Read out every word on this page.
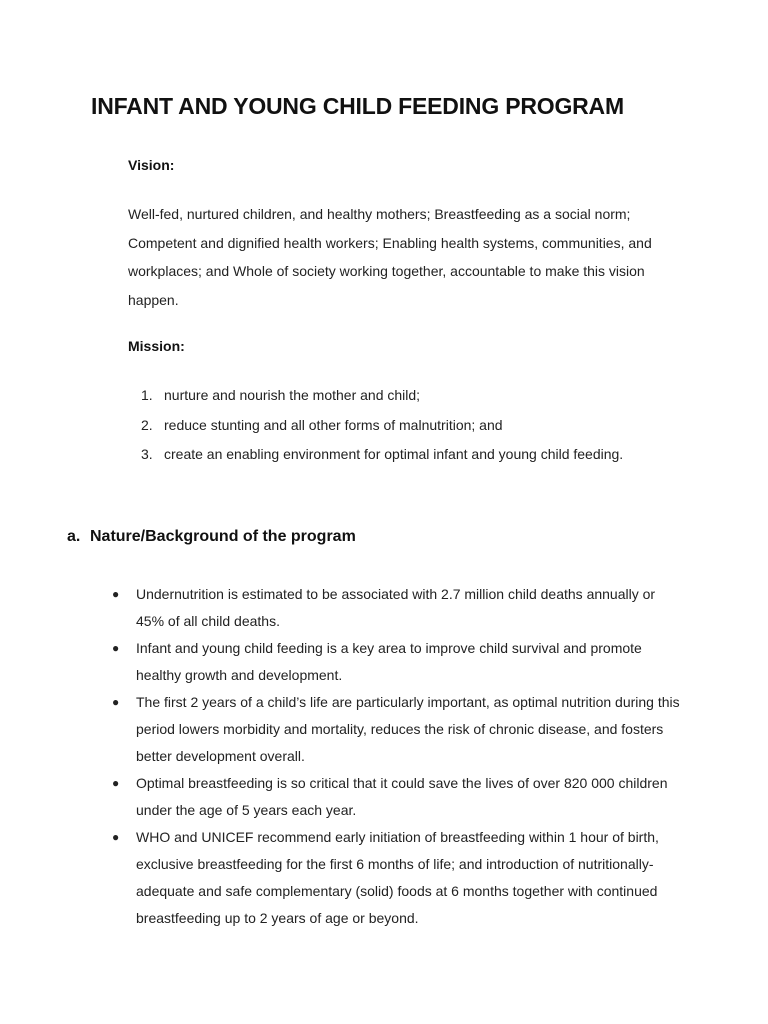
INFANT AND YOUNG CHILD FEEDING PROGRAM

Vision:

Well-fed, nurtured children, and healthy mothers; Breastfeeding as a social norm; Competent and dignified health workers; Enabling health systems, communities, and workplaces; and Whole of society working together, accountable to make this vision happen.

Mission:

1. nurture and nourish the mother and child;
2. reduce stunting and all other forms of malnutrition; and
3. create an enabling environment for optimal infant and young child feeding.
a. Nature/Background of the program
●	Undernutrition is estimated to be associated with 2.7 million child deaths annually or 45% of all child deaths.
●	Infant and young child feeding is a key area to improve child survival and promote healthy growth and development.
●	The first 2 years of a child’s life are particularly important, as optimal nutrition during this period lowers morbidity and mortality, reduces the risk of chronic disease, and fosters better development overall.
●	Optimal breastfeeding is so critical that it could save the lives of over 820 000 children under the age of 5 years each year.
●	WHO and UNICEF recommend early initiation of breastfeeding within 1 hour of birth, exclusive breastfeeding for the first 6 months of life; and introduction of nutritionally-adequate and safe complementary (solid) foods at 6 months together with continued breastfeeding up to 2 years of age or beyond.
